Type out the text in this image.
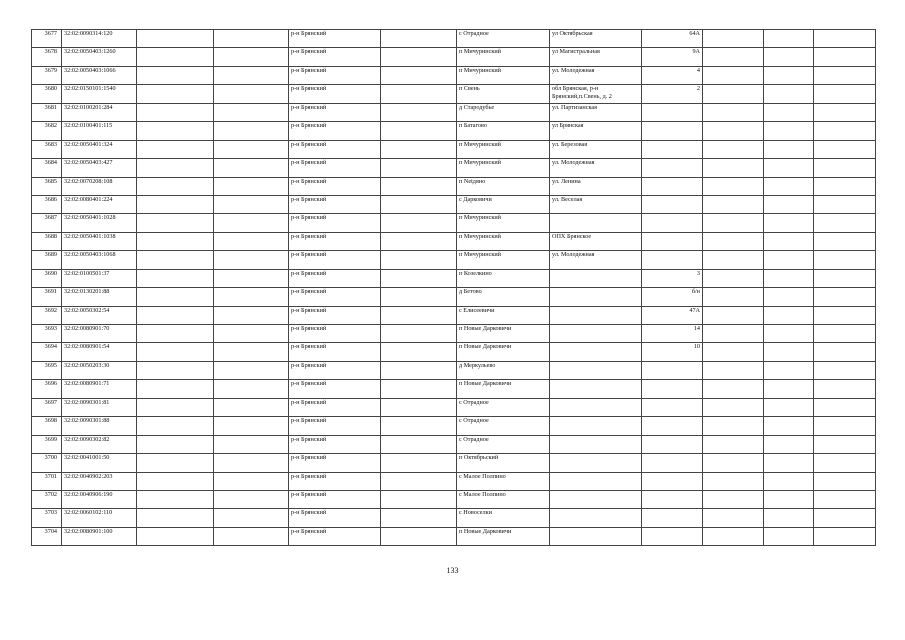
3677	32:02:0090314:120			р-н Брянский		с Отрадное	ул Октябрьская	64А			
3678	32:02:0050403:1260			р-н Брянский		п Мичуринский	ул Магистральная	9А			
3679	32:02:0050403:1066			р-н Брянский		п Мичуринский	ул. Молодежная	4			
3680	32:02:0150101:1540			р-н Брянский		п Свень	обл Брянская, р-н Брянский,п.Свень, д. 2	2			
3681	32:02:0100201:284			р-н Брянский		д Стародубье	ул. Партизанская				
3682	32:02:0100401:115			р-н Брянский		п Батагово	ул Брянская				
3683	32:02:0050401:324			р-н Брянский		п Мичуринский	ул. Березовая				
3684	32:02:0050403:427			р-н Брянский		п Мичуринский	ул. Молодежная				
3685	32:02:0070208:108			р-н Брянский		п Netдяно	ул. Ленина				
3686	32:02:0080401:224			р-н Брянский		с Дарковичи	ул. Веселая				
3687	32:02:0050401:1028			р-н Брянский		п Мичуринский					
3688	32:02:0050401:1038			р-н Брянский		п Мичуринский	ОПХ Брянское				
3689	32:02:0050403:1068			р-н Брянский		п Мичуринский	ул. Молодежная				
3690	32:02:0100501:37			р-н Брянский		п Козелкино		3			
3691	32:02:0130201:88			р-н Брянский		д Бетово		б/н			
3692	32:02:0050302:54			р-н Брянский		с Елисеевичи		47А			
3693	32:02:0080901:70			р-н Брянский		п Новые Дарковичи		14			
3694	32:02:0080901:54			р-н Брянский		п Новые Дарковичи		10			
3695	32:02:0050203:30			р-н Брянский		д Меркульево					
3696	32:02:0080901:71			р-н Брянский		п Новые Дарковичи					
3697	32:02:0090301:81			р-н Брянский		с Отрадное					
3698	32:02:0090301:88			р-н Брянский		с Отрадное					
3699	32:02:0090302:82			р-н Брянский		с Отрадное					
3700	32:02:0041001:50			р-н Брянский		п Октябрьский					
3701	32:02:0040902:203			р-н Брянский		с Малое Полпино					
3702	32:02:0040906:190			р-н Брянский		с Малое Полпино					
3703	32:02:0060102:110			р-н Брянский		с Новоселки					
3704	32:02:0080901:100			р-н Брянский		п Новые Дарковичи					
133
